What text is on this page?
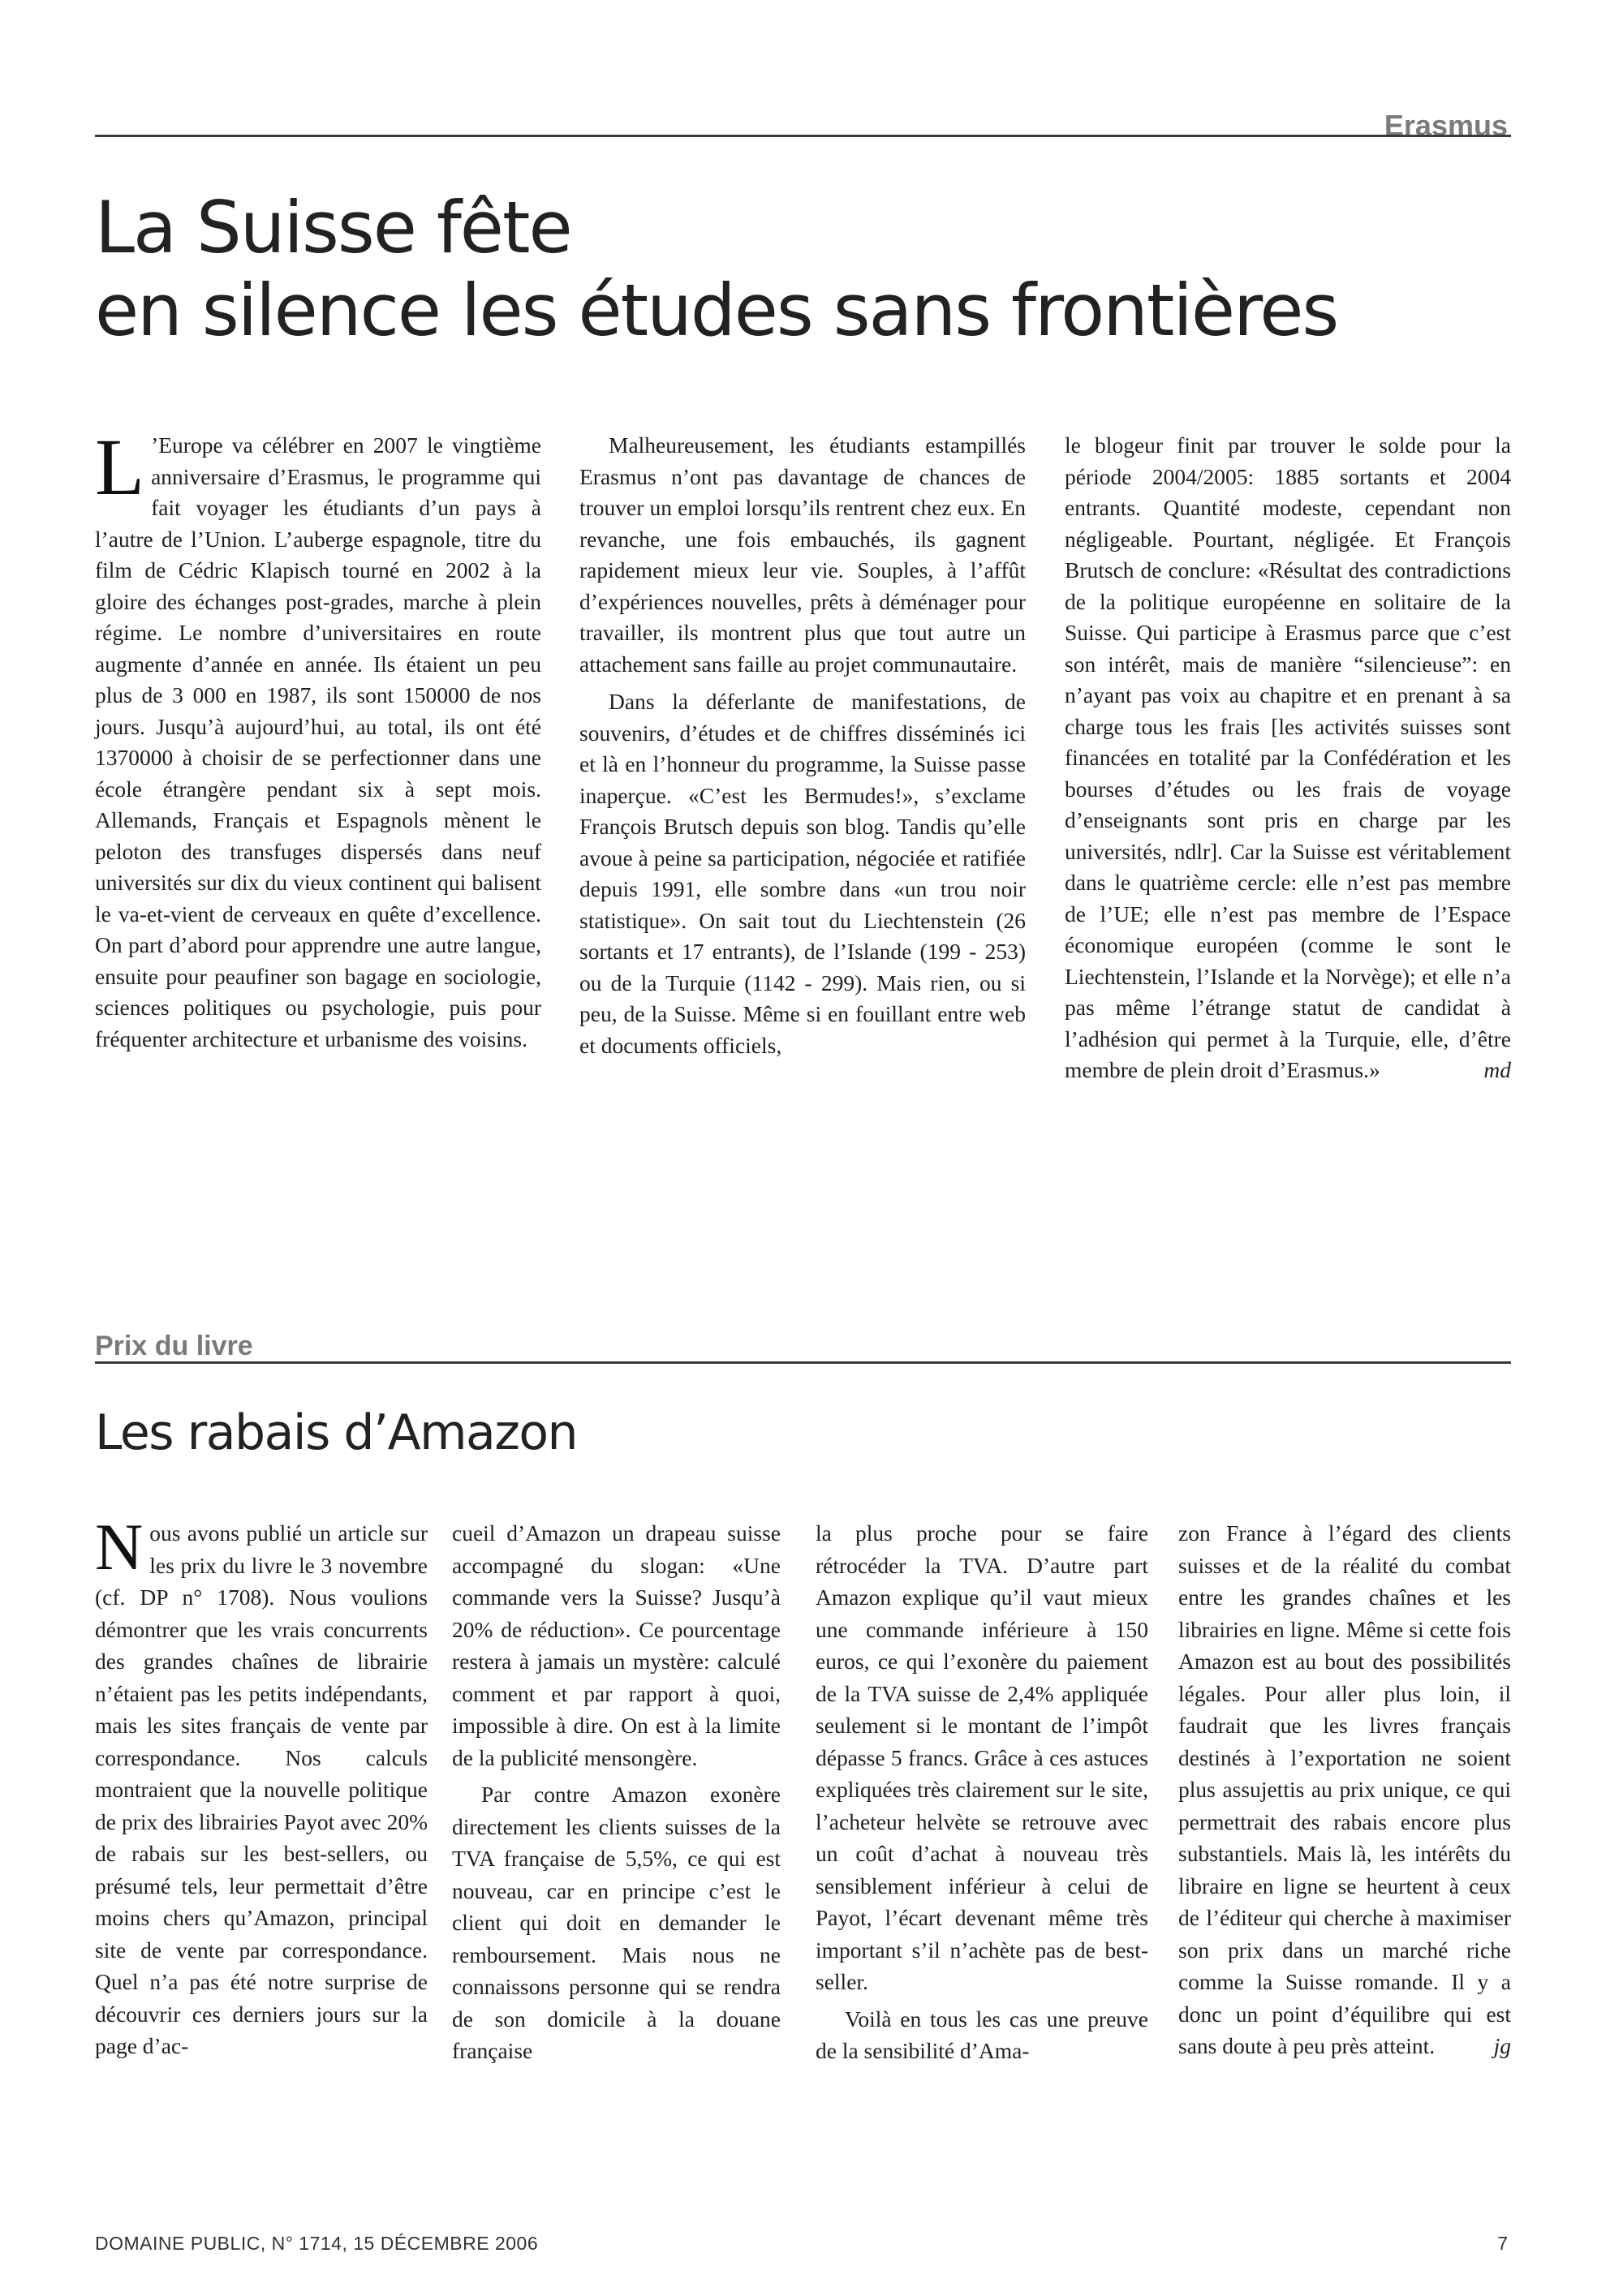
Erasmus
La Suisse fête
en silence les études sans frontières

L ’Europe va célébrer en 2007 le vingtième anniversaire d’Erasmus, le programme qui fait voyager les étudiants d’un pays à l’autre de l’Union. L’auberge espagnole, titre du film de Cédric Klapisch tourné en 2002 à la gloire des échanges post-grades, marche à plein régime. Le nombre d’universitaires en route augmente d’année en année. Ils étaient un peu plus de 3 000 en 1987, ils sont 150000 de nos jours. Jusqu’à aujourd’hui, au total, ils ont été 1370000 à choisir de se perfectionner dans une école étrangère pendant six à sept mois. Allemands, Français et Espagnols mènent le peloton des transfuges dispersés dans neuf universités sur dix du vieux continent qui balisent le va-et-vient de cerveaux en quête d’excellence. On part d’abord pour apprendre une autre langue, ensuite pour peaufiner son bagage en sociologie, sciences politiques ou psychologie, puis pour fréquenter architecture et urbanisme des voisins.

Malheureusement, les étudiants estampillés Erasmus n’ont pas davantage de chances de trouver un emploi lorsqu’ils rentrent chez eux. En revanche, une fois embauchés, ils gagnent rapidement mieux leur vie. Souples, à l’affût d’expériences nouvelles, prêts à déménager pour travailler, ils montrent plus que tout autre un attachement sans faille au projet communautaire.

Dans la déferlante de manifestations, de souvenirs, d’études et de chiffres disséminés ici et là en l’honneur du programme, la Suisse passe inaperçue. «C’est les Bermudes!», s’exclame François Brutsch depuis son blog. Tandis qu’elle avoue à peine sa participation, négociée et ratifiée depuis 1991, elle sombre dans «un trou noir statistique». On sait tout du Liechtenstein (26 sortants et 17 entrants), de l’Islande (199 - 253) ou de la Turquie (1142 - 299). Mais rien, ou si peu, de la Suisse. Même si en fouillant entre web et documents officiels,

le blogeur finit par trouver le solde pour la période 2004/2005: 1885 sortants et 2004 entrants. Quantité modeste, cependant non négligeable. Pourtant, négligée. Et François Brutsch de conclure: «Résultat des contradictions de la politique européenne en solitaire de la Suisse. Qui participe à Erasmus parce que c’est son intérêt, mais de manière “silencieuse”: en n’ayant pas voix au chapitre et en prenant à sa charge tous les frais [les activités suisses sont financées en totalité par la Confédération et les bourses d’études ou les frais de voyage d’enseignants sont pris en charge par les universités, ndlr]. Car la Suisse est véritablement dans le quatrième cercle: elle n’est pas membre de l’UE; elle n’est pas membre de l’Espace économique européen (comme le sont le Liechtenstein, l’Islande et la Norvège); et elle n’a pas même l’étrange statut de candidat à l’adhésion qui permet à la Turquie, elle, d’être membre de plein droit d’Erasmus.»	md

Prix du livre
Les rabais d’Amazon

Nous avons publié un article sur les prix du livre le 3 novembre (cf. DP n° 1708). Nous voulions démontrer que les vrais concurrents des grandes chaînes de librairie n’étaient pas les petits indépendants, mais les sites français de vente par correspondance. Nos calculs montraient que la nouvelle politique de prix des librairies Payot avec 20% de rabais sur les best-sellers, ou présumé tels, leur permettait d’être moins chers qu’Amazon, principal site de vente par correspondance. Quel n’a pas été notre surprise de découvrir ces derniers jours sur la page d’ac-

cueil d’Amazon un drapeau suisse accompagné du slogan: «Une commande vers la Suisse? Jusqu’à 20% de réduction». Ce pourcentage restera à jamais un mystère: calculé comment et par rapport à quoi, impossible à dire. On est à la limite de la publicité mensongère.

Par contre Amazon exonère directement les clients suisses de la TVA française de 5,5%, ce qui est nouveau, car en principe c’est le client qui doit en demander le remboursement. Mais nous ne connaissons personne qui se rendra de son domicile à la douane française

la plus proche pour se faire rétrocéder la TVA. D’autre part Amazon explique qu’il vaut mieux une commande inférieure à 150 euros, ce qui l’exonère du paiement de la TVA suisse de 2,4% appliquée seulement si le montant de l’impôt dépasse 5 francs. Grâce à ces astuces expliquées très clairement sur le site, l’acheteur helvète se retrouve avec un coût d’achat à nouveau très sensiblement inférieur à celui de Payot, l’écart devenant même très important s’il n’achète pas de best-seller.

Voilà en tous les cas une preuve de la sensibilité d’Ama-

zon France à l’égard des clients suisses et de la réalité du combat entre les grandes chaînes et les librairies en ligne. Même si cette fois Amazon est au bout des possibilités légales. Pour aller plus loin, il faudrait que les livres français destinés à l’exportation ne soient plus assujettis au prix unique, ce qui permettrait des rabais encore plus substantiels. Mais là, les intérêts du libraire en ligne se heurtent à ceux de l’éditeur qui cherche à maximiser son prix dans un marché riche comme la Suisse romande. Il y a donc un point d’équilibre qui est sans doute à peu près atteint.	jg

DOMAINE PUBLIC, N° 1714, 15 DÉCEMBRE 2006	7
